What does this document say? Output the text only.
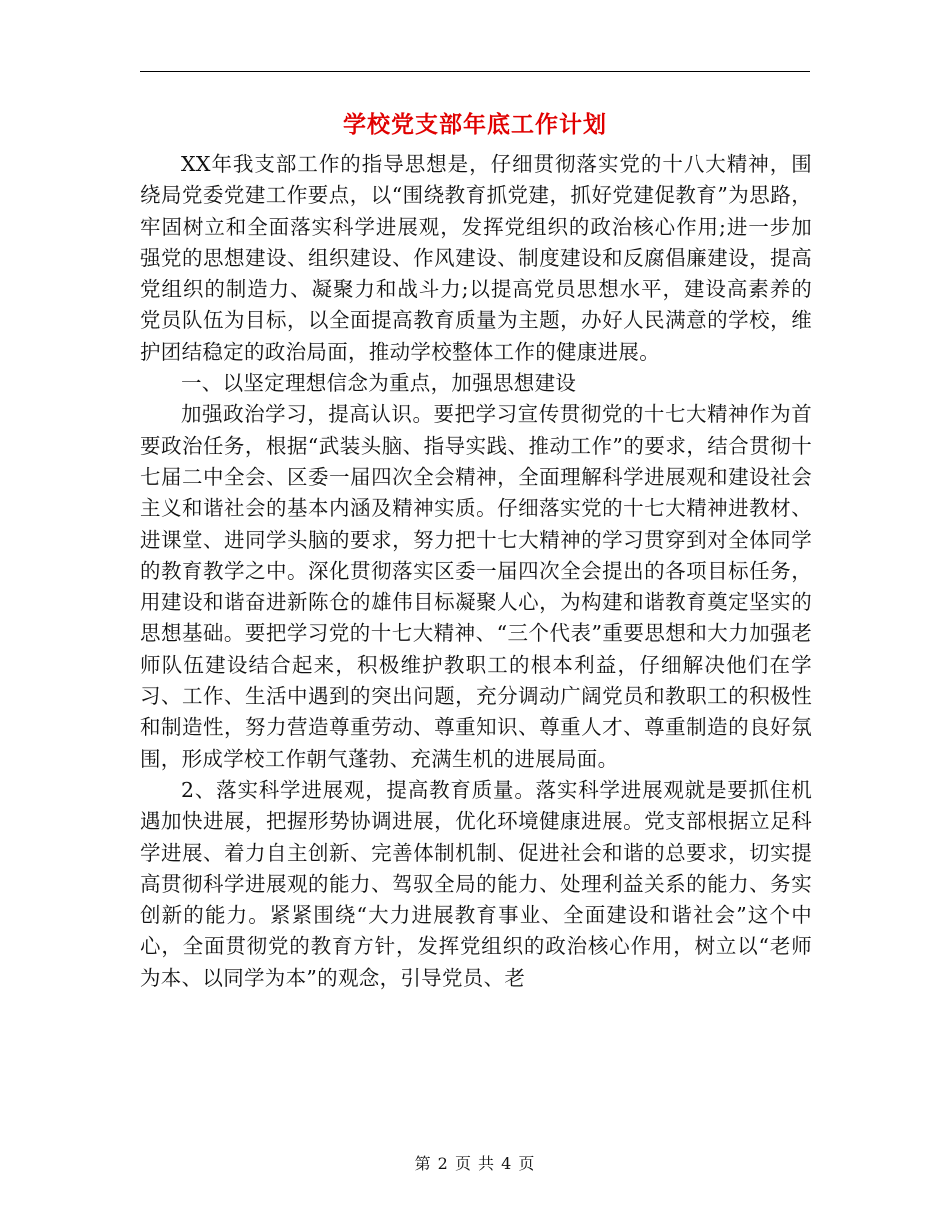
学校党支部年底工作计划

XX年我支部工作的指导思想是，仔细贯彻落实党的十八大精神，围绕局党委党建工作要点，以“围绕教育抓党建，抓好党建促教育”为思路，牢固树立和全面落实科学进展观，发挥党组织的政治核心作用;进一步加强党的思想建设、组织建设、作风建设、制度建设和反腐倡廉建设，提高党组织的制造力、凝聚力和战斗力;以提高党员思想水平，建设高素养的党员队伍为目标，以全面提高教育质量为主题，办好人民满意的学校，维护团结稳定的政治局面，推动学校整体工作的健康进展。

一、以坚定理想信念为重点，加强思想建设

加强政治学习，提高认识。要把学习宣传贯彻党的十七大精神作为首要政治任务，根据“武装头脑、指导实践、推动工作”的要求，结合贯彻十七届二中全会、区委一届四次全会精神，全面理解科学进展观和建设社会主义和谐社会的基本内涵及精神实质。仔细落实党的十七大精神进教材、进课堂、进同学头脑的要求，努力把十七大精神的学习贯穿到对全体同学的教育教学之中。深化贯彻落实区委一届四次全会提出的各项目标任务，用建设和谐奋进新陈仓的雄伟目标凝聚人心，为构建和谐教育奠定坚实的思想基础。要把学习党的十七大精神、“三个代表”重要思想和大力加强老师队伍建设结合起来，积极维护教职工的根本利益，仔细解决他们在学习、工作、生活中遇到的突出问题，充分调动广阔党员和教职工的积极性和制造性，努力营造尊重劳动、尊重知识、尊重人才、尊重制造的良好氛围，形成学校工作朝气蓬勃、充满生机的进展局面。

2、落实科学进展观，提高教育质量。落实科学进展观就是要抓住机遇加快进展，把握形势协调进展，优化环境健康进展。党支部根据立足科学进展、着力自主创新、完善体制机制、促进社会和谐的总要求，切实提高贯彻科学进展观的能力、驾驭全局的能力、处理利益关系的能力、务实创新的能力。紧紧围绕“大力进展教育事业、全面建设和谐社会”这个中心，全面贯彻党的教育方针，发挥党组织的政治核心作用，树立以“老师为本、以同学为本”的观念，引导党员、老

第 2 页 共 4 页
